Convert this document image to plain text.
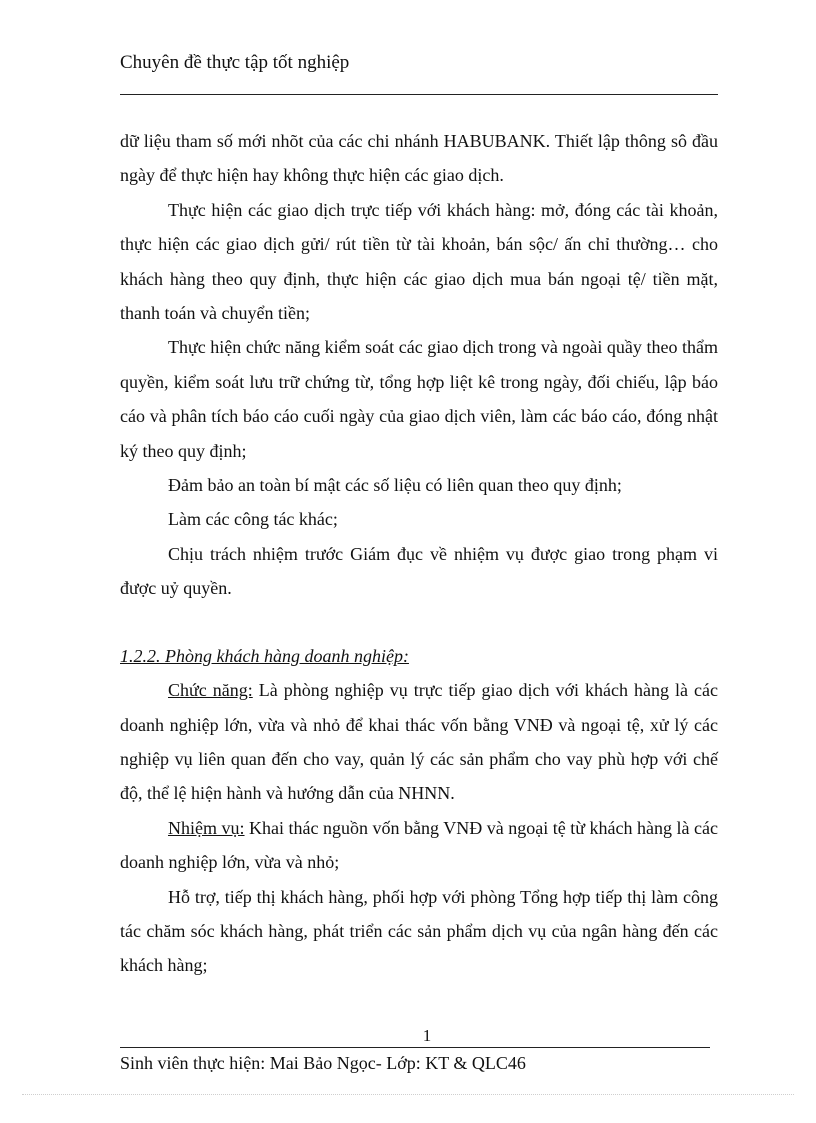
Chuyên đề thực tập tốt nghiệp

dữ liệu tham số mới nhõt của các chi nhánh HABUBANK. Thiết lập thông sô đầu ngày để thực hiện hay không thực hiện các giao dịch.

Thực hiện các giao dịch trực tiếp với khách hàng: mở, đóng các tài khoản, thực hiện các giao dịch gửi/ rút tiền từ tài khoản, bán sộc/ ấn chỉ thường… cho khách hàng theo quy định, thực hiện các giao dịch mua bán ngoại tệ/ tiền mặt, thanh toán và chuyển tiền;

Thực hiện chức năng kiểm soát các giao dịch trong và ngoài quầy theo thẩm quyền, kiểm soát lưu trữ chứng từ, tổng hợp liệt kê trong ngày, đối chiếu, lập báo cáo và phân tích báo cáo cuối ngày của giao dịch viên, làm các báo cáo, đóng nhật ký theo quy định;

Đảm bảo an toàn bí mật các số liệu có liên quan theo quy định;

Làm các công tác khác;

Chịu trách nhiệm trước Giám đục về nhiệm vụ được giao trong phạm vi được uỷ quyền.

1.2.2. Phòng khách hàng doanh nghiệp:

Chức năng: Là phòng nghiệp vụ trực tiếp giao dịch với khách hàng là các doanh nghiệp lớn, vừa và nhỏ để khai thác vốn bằng VNĐ và ngoại tệ, xử lý các nghiệp vụ liên quan đến cho vay, quản lý các sản phẩm cho vay phù hợp với chế độ, thể lệ hiện hành và hướng dẫn của NHNN.

Nhiệm vụ: Khai thác nguồn vốn bằng VNĐ và ngoại tệ từ khách hàng là các doanh nghiệp lớn, vừa và nhỏ;

Hỗ trợ, tiếp thị khách hàng, phối hợp với phòng Tổng hợp tiếp thị làm công tác chăm sóc khách hàng, phát triển các sản phẩm dịch vụ của ngân hàng đến các khách hàng;

1
Sinh viên thực hiện: Mai Bảo Ngọc- Lớp: KT & QLC46
